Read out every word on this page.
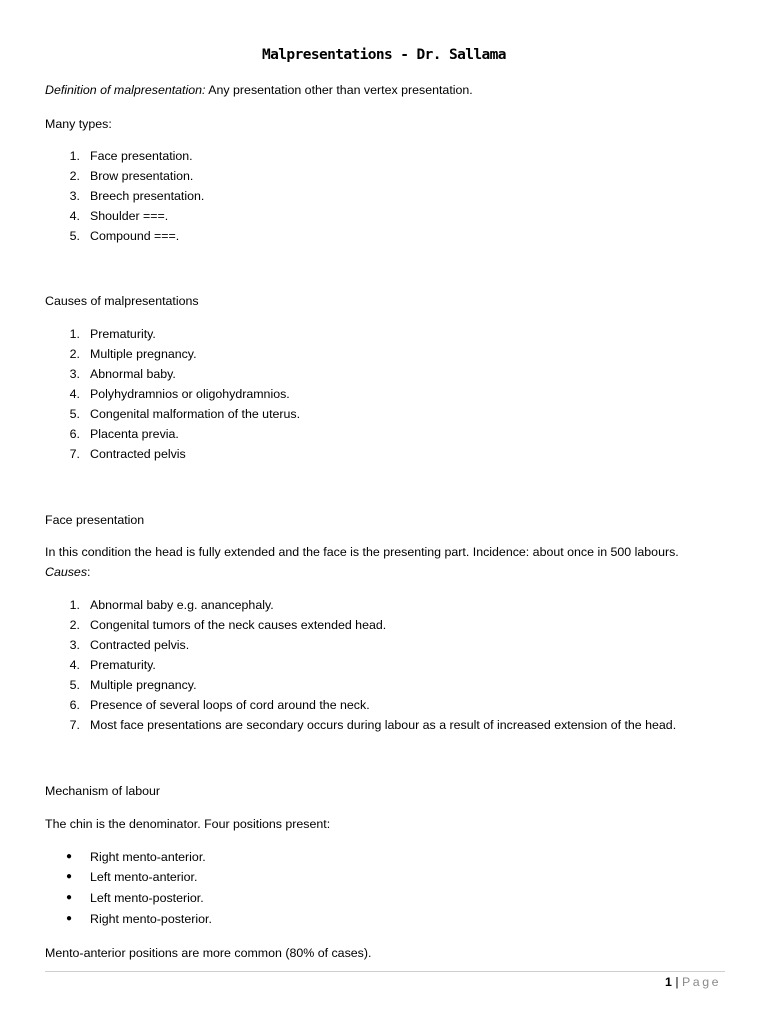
Malpresentations - Dr. Sallama
Definition of malpresentation: Any presentation other than vertex presentation.
Many types:
1. Face presentation.
2. Brow presentation.
3. Breech presentation.
4. Shoulder ===.
5. Compound ===.
Causes of malpresentations
1. Prematurity.
2. Multiple pregnancy.
3. Abnormal baby.
4. Polyhydramnios or oligohydramnios.
5. Congenital malformation of the uterus.
6. Placenta previa.
7. Contracted pelvis
Face presentation
In this condition the head is fully extended and the face is the presenting part. Incidence: about once in 500 labours.
Causes:
1. Abnormal baby e.g. anancephaly.
2. Congenital tumors of the neck causes extended head.
3. Contracted pelvis.
4. Prematurity.
5. Multiple pregnancy.
6. Presence of several loops of cord around the neck.
7. Most face presentations are secondary occurs during labour as a result of increased extension of the head.
Mechanism of labour
The chin is the denominator. Four positions present:
● Right mento-anterior.
● Left mento-anterior.
● Left mento-posterior.
● Right mento-posterior.
Mento-anterior positions are more common (80% of cases).
1 | Page
